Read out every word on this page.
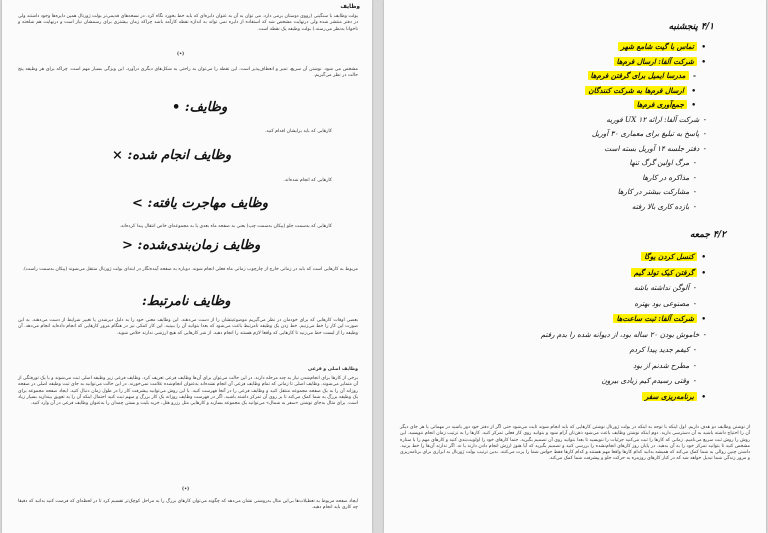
وظایف

بولت وظایف با سنگینی (رووی دوستان برمی دارد. می توان به آن به عنوان دایره‌ای که باید خط بخورد نگاه کرد. در نسخه‌های قدیمی‌تر بولت ژورنال همین دایره‌ها وجود داشتند ولی در دفتر منتشر شده ولی درنهایت مشخص شد که استفاده از دایره نمی تواند به اندازه نقطه کارآمد باشد چراکه زمان بیشتری برای رسمشان نیاز است و درنهایت هم شلخته و ناخوانا به‌نظر می‌رسند.) بولت وظیفه یک نقطه است.

(•)

مشخص می شود. نوشتن آن سریع، تمیز و انعطاف‌پذیر است. این نقطه را می‌توان به راحتی به شکل‌های دیگری درآورد. این ویژگی بسیار مهم است. چراکه برای هر وظیفه پنج حالت در نظر می‌گیریم.

وظایف: •
کارهایی که باید برایشان اقدام کنید.
وظایف انجام شده: ×
کارهایی که انجام شده‌اند.
وظایف مهاجرت یافته: >
کارهایی که به‌سمت جلو (پیکان به‌سمت چپ) یعنی به صفحه ماه بعدی یا به مجموعه‌ای خاص انتقال پیدا کرده‌اند.
وظایف زمان‌بندی‌شده: <

مربوط به کارهایی است که باید در زمانی خارج از چارچوب زمانی ماه فعلی انجام شوند. دوباره به صفحه آینده‌نگار در ابتدای بولت ژورنال منتقل می‌شوند (پیکان به‌سمت راست).

وظایف نامرتبط:

بعضی اوقات کارهایی که برای خودمان در نظر می‌گیریم موضوعیتشان را از دست می‌دهند. این وظایف معنی خود را به دلیل دیرشدن یا تغییر شرایط از دست می‌دهند. به این صورت این کار را خط می‌زنیم. خط زدن یک وظیفه نامرتبط باعث می‌شود که بعدا بتوانید آن را ببینید. این کار کمکی نیز در هنگام مرور کارهایی که انجام داده‌اید انجام می‌دهد. آن وظیفه را از لیست خط می‌زنید تا کارهایی که واقعا لازم هستند را انجام دهید. از شر کارهایی که هیچ ارزشی ندارند خلاص شوید.

وظایف اصلی و فرعی

برخی از کارها برای انجام‌شدن نیاز به چند مرحله دارند. در این حالت می‌توان برای آن‌ها وظایف فرعی تعریف کرد. وظایف فرعی زیر وظیفه اصلی ثبت می‌شوند و با یک تورفتگی از آن متمایز می‌شوند. وظایف اصلی تا زمانی که تمام وظایف فرعی آن انجام نشده‌اند به‌عنوان انجام‌شده علامت نمی‌خورند. در این حالت می‌توانید به جای ثبت وظیفه اصلی در صفحه روزانه آن را به یک صفحه مجموعه منتقل کنید و وظایف فرعی را در آنجا فهرست کنید. با این روش می‌توانید پیشرفت کار را در طول زمان دنبال کنید. ایجاد صفحه مجموعه برای یک وظیفه بزرگ به شما کمک می‌کند تا بر روی آن تمرکز داشته باشید. اگر در فهرست وظایف روزانه یک کار بزرگ و مبهم ثبت کنید احتمال اینکه آن را به تعویق بیندازید بسیار زیاد است. برای مثال به‌جای نوشتن «سفر به شمال» می‌توانید یک مجموعه بسازید و کارهایی مثل رزرو هتل، خرید بلیت و بستن چمدان را به‌عنوان وظایف فرعی در آن وارد کنید.

(•)

ایجاد صفحه مربوط به تعطیلات‌ها بی‌این مثال به‌روشنی نشان می‌دهد که چگونه می‌توان کارهای بزرگ را به مراحل کوچک‌تر تقسیم کرد تا در لحظه‌ای که فرصت کنید بدانید که دقیقا چه کاری باید انجام دهید.

۴/۱ پنجشنبه
• تماس با گیت شامع شهر
• شرکت آلفا: ارسال فرم‌ها
- مدرسا ایمیل برای گرفتن فرم‌ها
• ارسال فرم‌ها به شرکت کنندگان
• جمع‌آوری فرم‌ها
- شرکت آلفا: ارائه UX ۱۲ فوریه
- پاسخ به تبلیغ برای معماری ۳۰ آوریل
- دفتر جلسه ۱۴ آوریل بسته است
- مرگ اولین گرگ تنها
- مذاکره در کارها
- مشارکت بیشتر در کارها
- بازده کاری بالا رفته
۴/۲ جمعه
• کنسل کردن یوگا
• گرفتن کیک تولد گیم
- آلوگن نداشته باشه
- مصنوعی بود بهتره
• شرکت آلفا: ثبت ساعت‌ها
- خاموش بودن ۲۰ ساله بود، از دیوانه شده را بدم رفتم
- کیفم جدید پیدا کردم
- مطرح شدنم از بود
- وقتی رسیدم کیم زیادی بیرون
• برنامه‌ریزی سفر

از نوشتن وظایف دو هدف داریم. اول اینکه با توجه به اینکه در بولت ژورنال نوشتن کارهایی که باید انجام شوند ثابت می‌شود حتی اگر از دفتر خود دور باشید در مهمانی یا هر جای دیگر آن را احتیاج داشته باشید به آن دسترسی دارید. دوم اینکه نوشتن وظایف باعث می‌شود ذهن‌تان آرام شود و بتوانید روی کار فعلی تمرکز کنید. کارها را به ترتیب زمان انجام ننویسید. این روش را روش ثبت سریع می‌نامیم. زمانی که کارها را ثبت می‌کنید جزئیات را ننویسید تا بعدا بتوانید روی آن تصمیم بگیرید. حتما کارهای خود را اولویت‌بندی کنید و کارهای مهم را با ستاره مشخص کنید تا بتوانید تمرکز خود را به آن بدهید. در پایان روز کارهای انجام‌نشده را بررسی کنید و تصمیم بگیرید که آیا هنوز ارزش انجام دادن دارند یا نه. اگر ندارند آن‌ها را خط بزنید. داشتن چنین روالی به شما کمک می‌کند که همیشه بدانید کدام کارها واقعا مهم هستند و کدام کارها فقط حواس شما را پرت می‌کنند. بدین ترتیب بولت ژورنال به ابزاری برای برنامه‌ریزی و مرور زندگی شما تبدیل خواهد شد که در کنار کارهای روزمره به حرکت جلو و پیشرفت شما کمک می‌کند.
